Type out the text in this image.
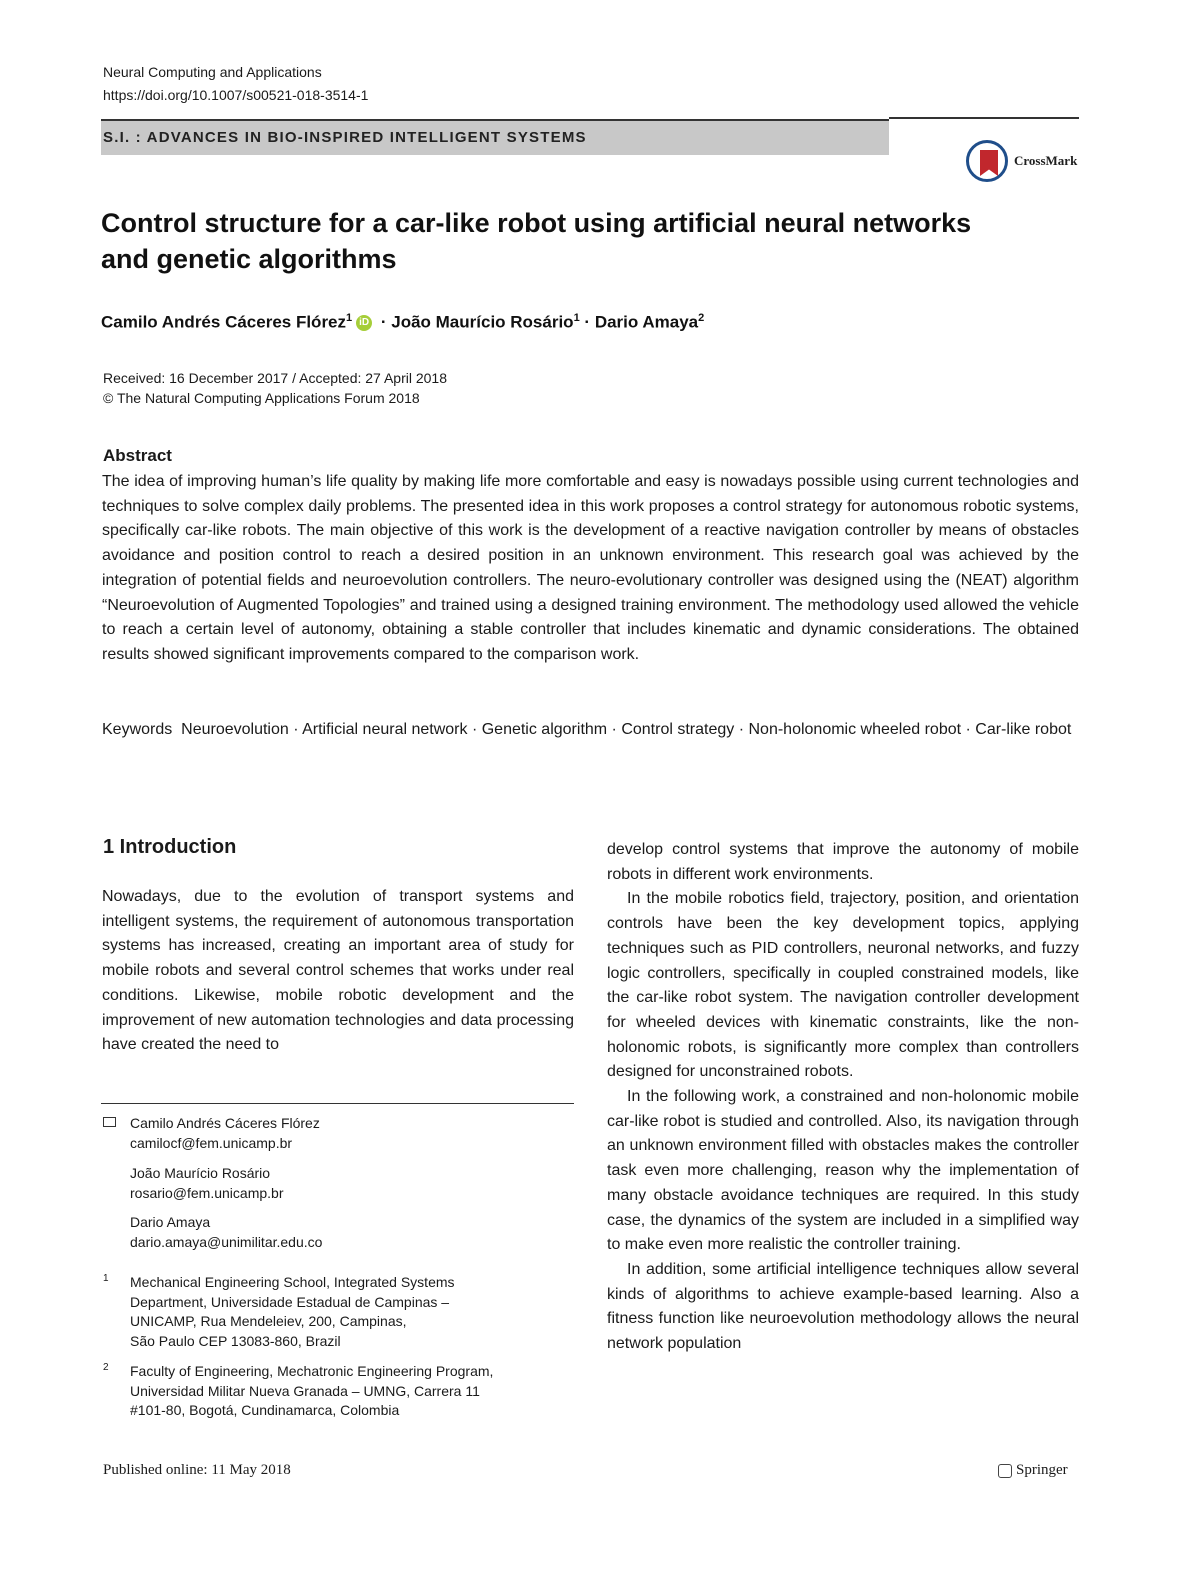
Neural Computing and Applications
https://doi.org/10.1007/s00521-018-3514-1
S.I. : ADVANCES IN BIO-INSPIRED INTELLIGENT SYSTEMS
CrossMark
Control structure for a car-like robot using artificial neural networks
and genetic algorithms
Camilo Andrés Cáceres Flórez$^1$ iD · João Maurício Rosário$^1$ · Dario Amaya$^2$
Received: 16 December 2017 / Accepted: 27 April 2018
© The Natural Computing Applications Forum 2018
Abstract
The idea of improving human’s life quality by making life more comfortable and easy is nowadays possible using current technologies and techniques to solve complex daily problems. The presented idea in this work proposes a control strategy for autonomous robotic systems, specifically car-like robots. The main objective of this work is the development of a reactive navigation controller by means of obstacles avoidance and position control to reach a desired position in an unknown environment. This research goal was achieved by the integration of potential fields and neuroevolution controllers. The neuro-evolutionary controller was designed using the (NEAT) algorithm “Neuroevolution of Augmented Topologies” and trained using a designed training environment. The methodology used allowed the vehicle to reach a certain level of autonomy, obtaining a stable controller that includes kinematic and dynamic considerations. The obtained results showed significant improvements compared to the comparison work.
Keywords Neuroevolution · Artificial neural network · Genetic algorithm · Control strategy · Non-holonomic wheeled robot · Car-like robot
1 Introduction

Nowadays, due to the evolution of transport systems and intelligent systems, the requirement of autonomous transportation systems has increased, creating an important area of study for mobile robots and several control schemes that works under real conditions. Likewise, mobile robotic development and the improvement of new automation technologies and data processing have created the need to

develop control systems that improve the autonomy of mobile robots in different work environments.

In the mobile robotics field, trajectory, position, and orientation controls have been the key development topics, applying techniques such as PID controllers, neuronal networks, and fuzzy logic controllers, specifically in coupled constrained models, like the car-like robot system. The navigation controller development for wheeled devices with kinematic constraints, like the non-holonomic robots, is significantly more complex than controllers designed for unconstrained robots.

In the following work, a constrained and non-holonomic mobile car-like robot is studied and controlled. Also, its navigation through an unknown environment filled with obstacles makes the controller task even more challenging, reason why the implementation of many obstacle avoidance techniques are required. In this study case, the dynamics of the system are included in a simplified way to make even more realistic the controller training.

In addition, some artificial intelligence techniques allow several kinds of algorithms to achieve example-based learning. Also a fitness function like neuroevolution methodology allows the neural network population

Camilo Andrés Cáceres Flórez
camilocf@fem.unicamp.br
João Maurício Rosário
rosario@fem.unicamp.br
Dario Amaya
dario.amaya@unimilitar.edu.co
1 Mechanical Engineering School, Integrated Systems
Department, Universidade Estadual de Campinas –
UNICAMP, Rua Mendeleiev, 200, Campinas,
São Paulo CEP 13083-860, Brazil
2 Faculty of Engineering, Mechatronic Engineering Program,
Universidad Militar Nueva Granada – UMNG, Carrera 11
#101-80, Bogotá, Cundinamarca, Colombia
Published online: 11 May 2018	Springer
